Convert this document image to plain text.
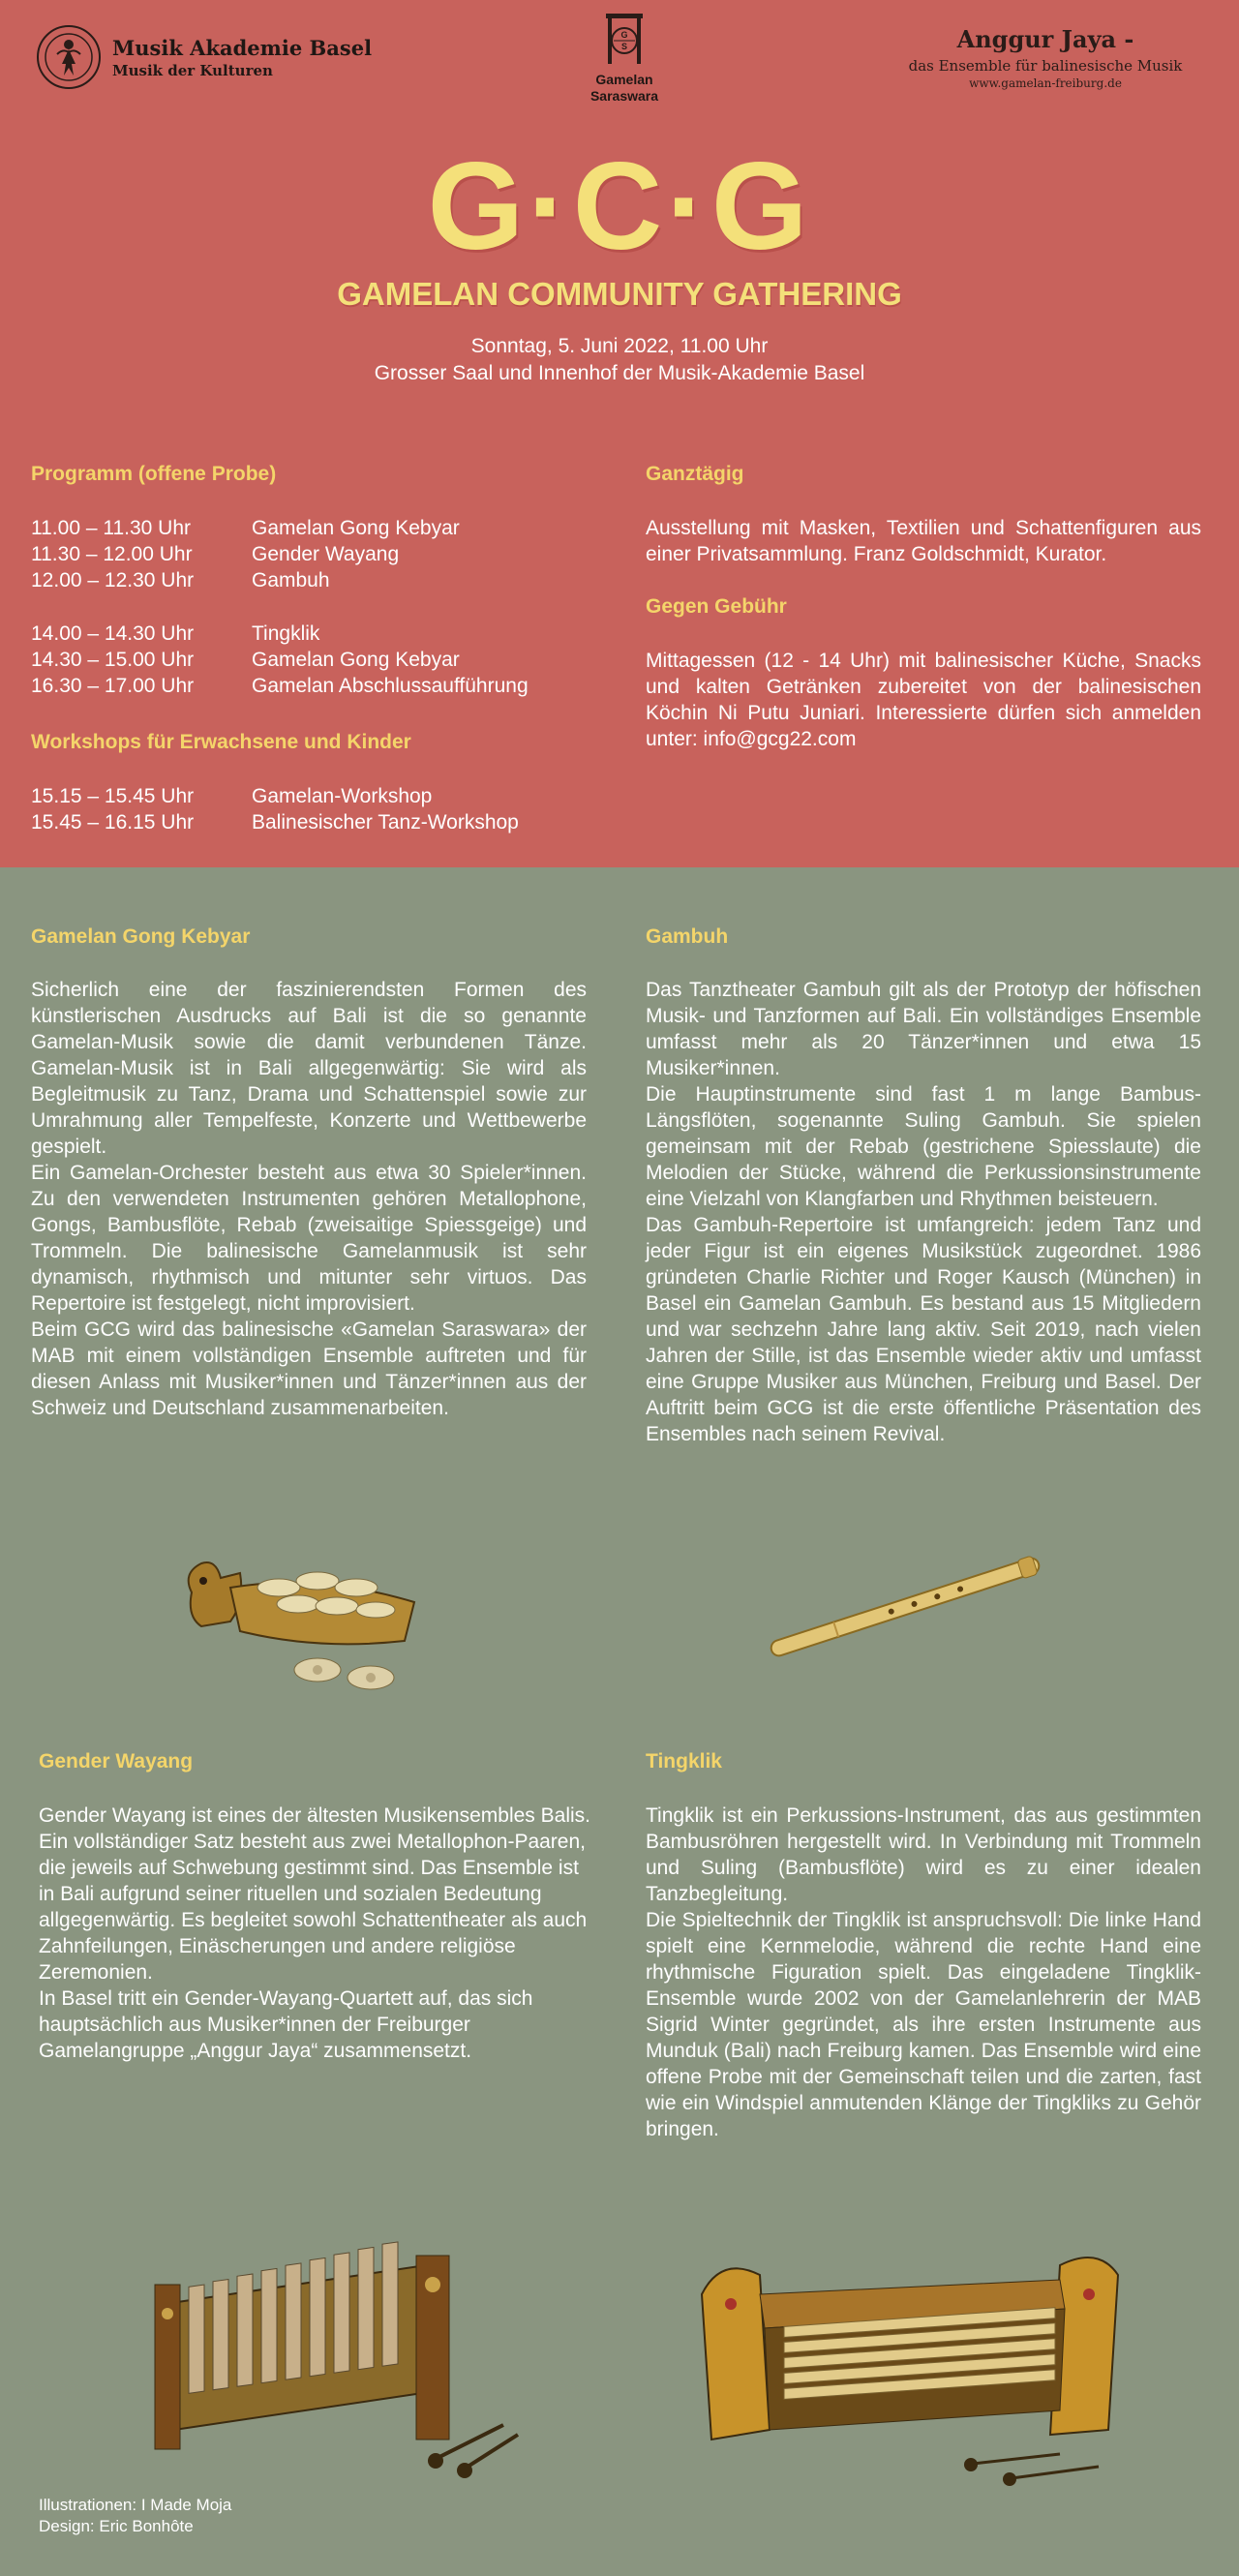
Musik Akademie Basel
Musik der Kulturen
G
S
Gamelan
Saraswara
Anggur Jaya -
das Ensemble für balinesische Musik
www.gamelan-freiburg.de
G·C·G
GAMELAN COMMUNITY GATHERING
Sonntag, 5. Juni 2022, 11.00 Uhr
Grosser Saal und Innenhof der Musik-Akademie Basel
Programm (offene Probe)
11.00 – 11.30 Uhr	Gamelan Gong Kebyar
11.30 – 12.00 Uhr	Gender Wayang
12.00 – 12.30 Uhr	Gambuh
14.00 – 14.30 Uhr	Tingklik
14.30 – 15.00 Uhr	Gamelan Gong Kebyar
16.30 – 17.00 Uhr	Gamelan Abschlussaufführung
Workshops für Erwachsene und Kinder
15.15 – 15.45 Uhr	Gamelan-Workshop
15.45 – 16.15 Uhr	Balinesischer Tanz-Workshop
Ganztägig
Ausstellung mit Masken, Textilien und Schattenfiguren aus einer Privatsammlung. Franz Goldschmidt, Kurator.
Gegen Gebühr
Mittagessen (12 - 14 Uhr) mit balinesischer Küche, Snacks und kalten Getränken zubereitet von der balinesischen Köchin Ni Putu Juniari. Interessierte dürfen sich anmelden unter: info@gcg22.com
Gamelan Gong Kebyar
Sicherlich eine der faszinierendsten Formen des künstlerischen Ausdrucks auf Bali ist die so genannte Gamelan-Musik sowie die damit verbundenen Tänze. Gamelan-Musik ist in Bali allgegenwärtig: Sie wird als Begleitmusik zu Tanz, Drama und Schattenspiel sowie zur Umrahmung aller Tempelfeste, Konzerte und Wettbewerbe gespielt.
Ein Gamelan-Orchester besteht aus etwa 30 Spieler*innen. Zu den verwendeten Instrumenten gehören Metallophone, Gongs, Bambusflöte, Rebab (zweisaitige Spiessgeige) und Trommeln. Die balinesische Gamelanmusik ist sehr dynamisch, rhythmisch und mitunter sehr virtuos. Das Repertoire ist festgelegt, nicht improvisiert.
Beim GCG wird das balinesische «Gamelan Saraswara» der MAB mit einem vollständigen Ensemble auftreten und für diesen Anlass mit Musiker*innen und Tänzer*innen aus der Schweiz und Deutschland zusammenarbeiten.
Gambuh
Das Tanztheater Gambuh gilt als der Prototyp der höfischen Musik- und Tanzformen auf Bali. Ein vollständiges Ensemble umfasst mehr als 20 Tänzer*innen und etwa 15 Musiker*innen.
Die Hauptinstrumente sind fast 1 m lange Bambus-Längsflöten, sogenannte Suling Gambuh. Sie spielen gemeinsam mit der Rebab (gestrichene Spiesslaute) die Melodien der Stücke, während die Perkussionsinstrumente eine Vielzahl von Klangfarben und Rhythmen beisteuern.
Das Gambuh-Repertoire ist umfangreich: jedem Tanz und jeder Figur ist ein eigenes Musikstück zugeordnet. 1986 gründeten Charlie Richter und Roger Kausch (München) in Basel ein Gamelan Gambuh. Es bestand aus 15 Mitgliedern und war sechzehn Jahre lang aktiv. Seit 2019, nach vielen Jahren der Stille, ist das Ensemble wieder aktiv und umfasst eine Gruppe Musiker aus München, Freiburg und Basel. Der Auftritt beim GCG ist die erste öffentliche Präsentation des Ensembles nach seinem Revival.
Gender Wayang
Gender Wayang ist eines der ältesten Musikensembles Balis. Ein vollständiger Satz besteht aus zwei Metallophon-Paaren, die jeweils auf Schwebung gestimmt sind. Das Ensemble ist in Bali aufgrund seiner rituellen und sozialen Bedeutung allgegenwärtig. Es begleitet sowohl Schattentheater als auch Zahnfeilungen, Einäscherungen und andere religiöse Zeremonien.
In Basel tritt ein Gender-Wayang-Quartett auf, das sich hauptsächlich aus Musiker*innen der Freiburger Gamelangruppe „Anggur Jaya“ zusammensetzt.
Tingklik
Tingklik ist ein Perkussions-Instrument, das aus gestimmten Bambusröhren hergestellt wird. In Verbindung mit Trommeln und Suling (Bambusflöte) wird es zu einer idealen Tanzbegleitung.
Die Spieltechnik der Tingklik ist anspruchsvoll: Die linke Hand spielt eine Kernmelodie, während die rechte Hand eine rhythmische Figuration spielt. Das eingeladene Tingklik-Ensemble wurde 2002 von der Gamelanlehrerin der MAB Sigrid Winter gegründet, als ihre ersten Instrumente aus Munduk (Bali) nach Freiburg kamen. Das Ensemble wird eine offene Probe mit der Gemeinschaft teilen und die zarten, fast wie ein Windspiel anmutenden Klänge der Tingkliks zu Gehör bringen.
Illustrationen: I Made Moja
Design: Eric Bonhôte
